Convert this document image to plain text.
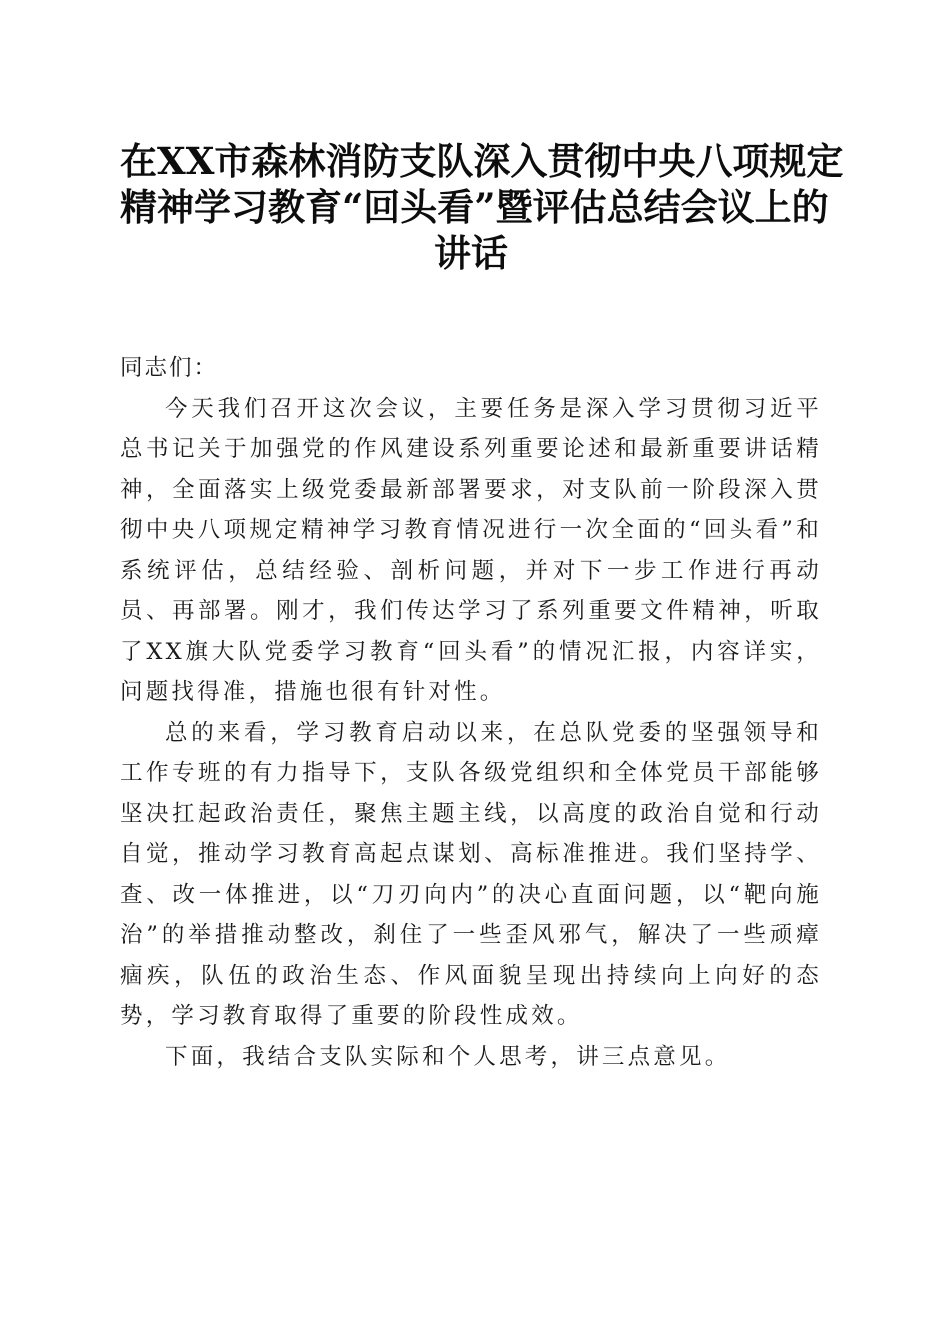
在XX市森林消防支队深入贯彻中央八项规定
精神学习教育“回头看”暨评估总结会议上的
讲话

同志们：

今天我们召开这次会议，主要任务是深入学习贯彻习近平总书记关于加强党的作风建设系列重要论述和最新重要讲话精神，全面落实上级党委最新部署要求，对支队前一阶段深入贯彻中央八项规定精神学习教育情况进行一次全面的“回头看”和系统评估，总结经验、剖析问题，并对下一步工作进行再动员、再部署。刚才，我们传达学习了系列重要文件精神，听取了XX旗大队党委学习教育“回头看”的情况汇报，内容详实，问题找得准，措施也很有针对性。

总的来看，学习教育启动以来，在总队党委的坚强领导和工作专班的有力指导下，支队各级党组织和全体党员干部能够坚决扛起政治责任，聚焦主题主线，以高度的政治自觉和行动自觉，推动学习教育高起点谋划、高标准推进。我们坚持学、查、改一体推进，以“刀刃向内”的决心直面问题，以“靶向施治”的举措推动整改，刹住了一些歪风邪气，解决了一些顽瘴痼疾，队伍的政治生态、作风面貌呈现出持续向上向好的态势，学习教育取得了重要的阶段性成效。

下面，我结合支队实际和个人思考，讲三点意见。
